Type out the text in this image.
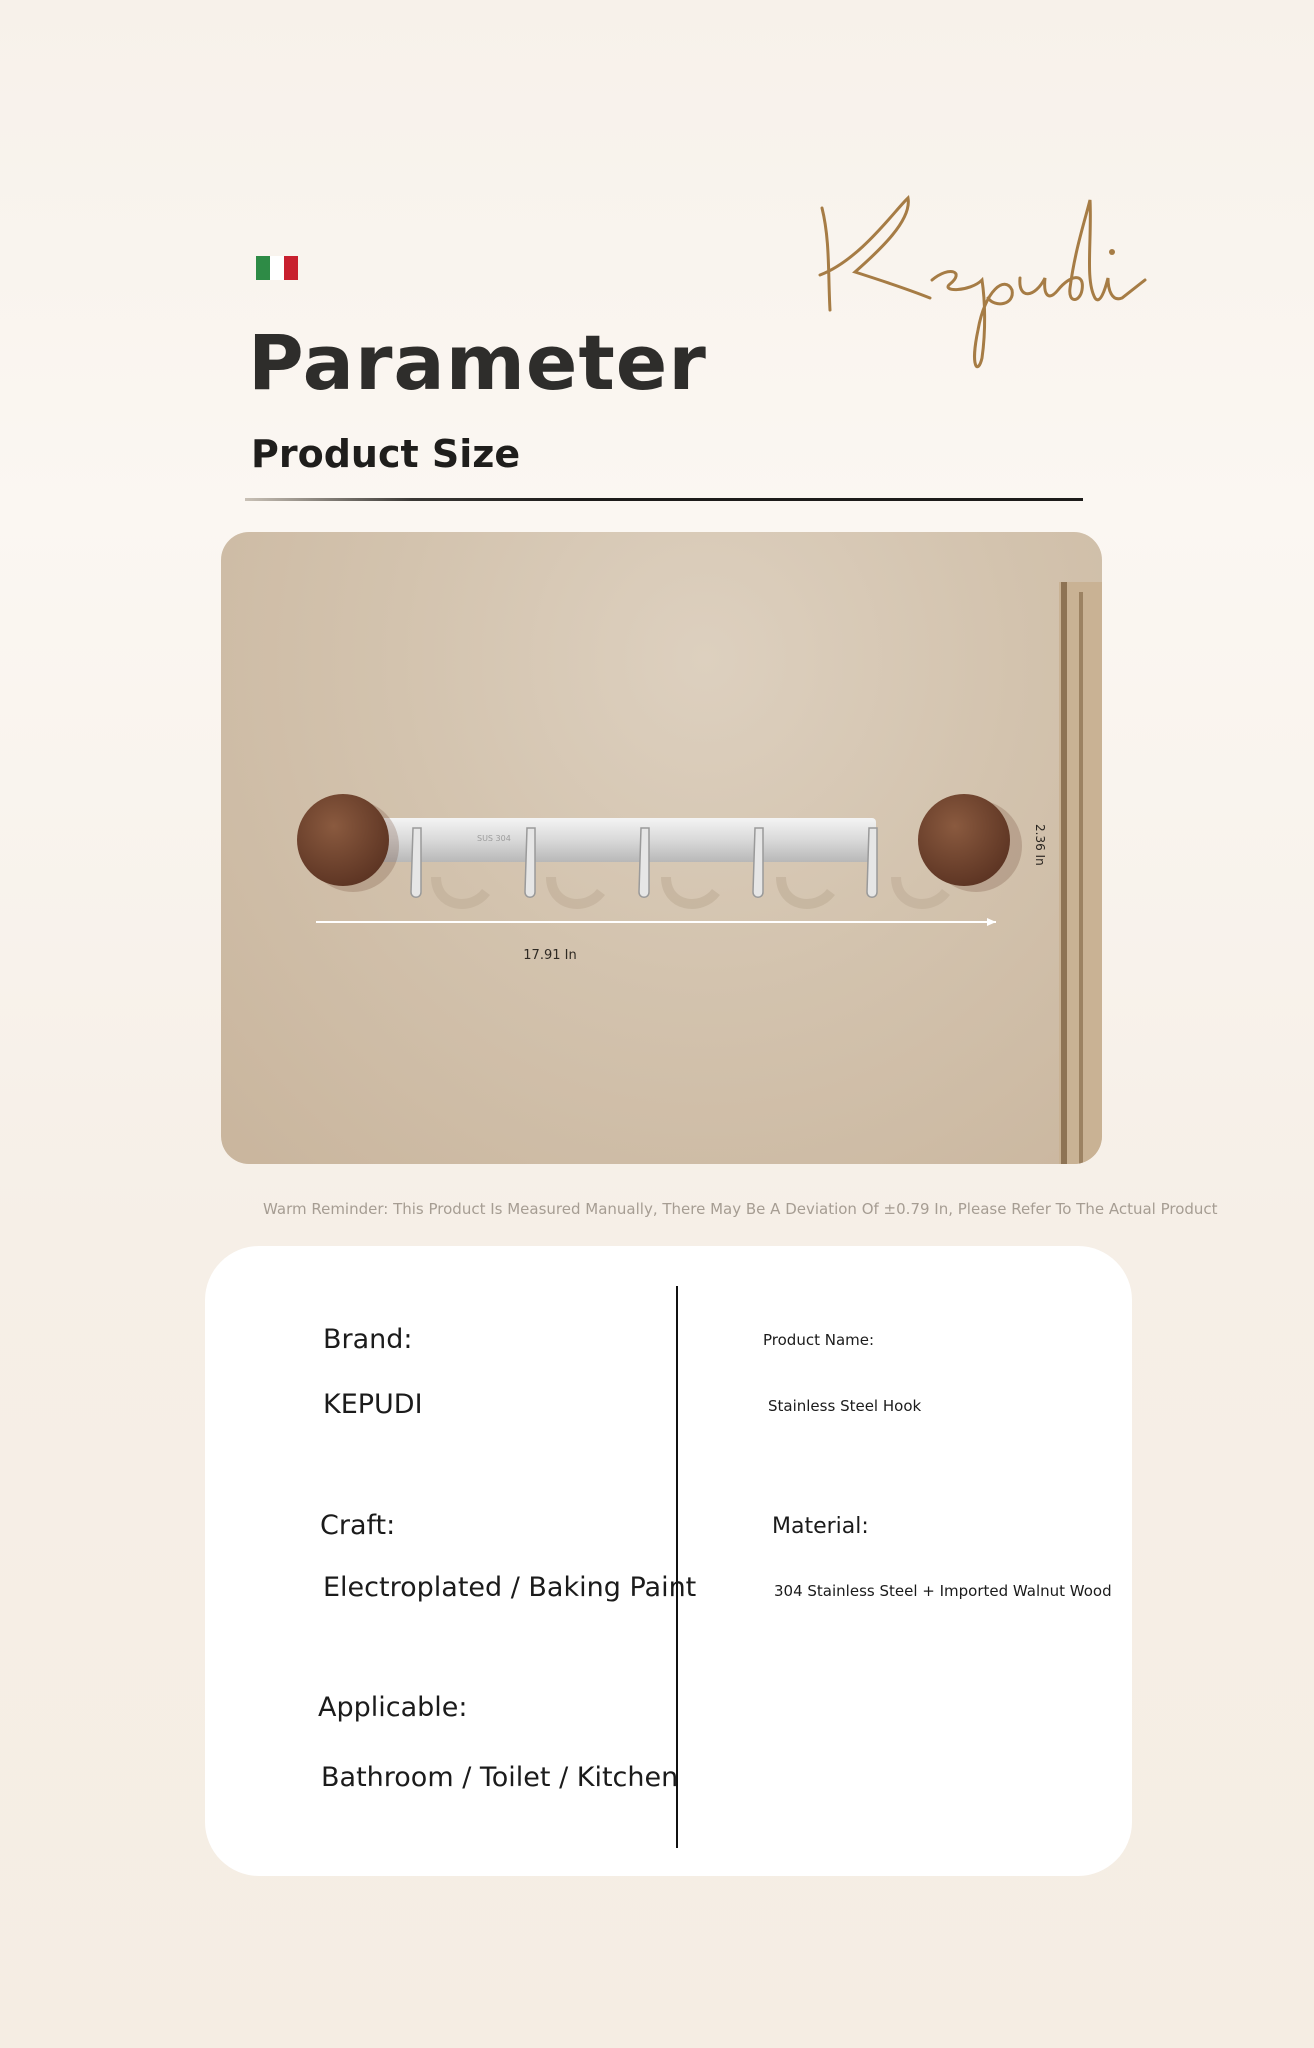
Parameter
Product Size
SUS 304
17.91 In
2.36 In
Warm Reminder: This Product Is Measured Manually, There May Be A Deviation Of ±0.79 In, Please Refer To The Actual Product
Brand:
KEPUDI
Product Name:
Stainless Steel Hook
Craft:
Electroplated / Baking Paint
Material:
304 Stainless Steel + Imported Walnut Wood
Applicable:
Bathroom / Toilet / Kitchen
